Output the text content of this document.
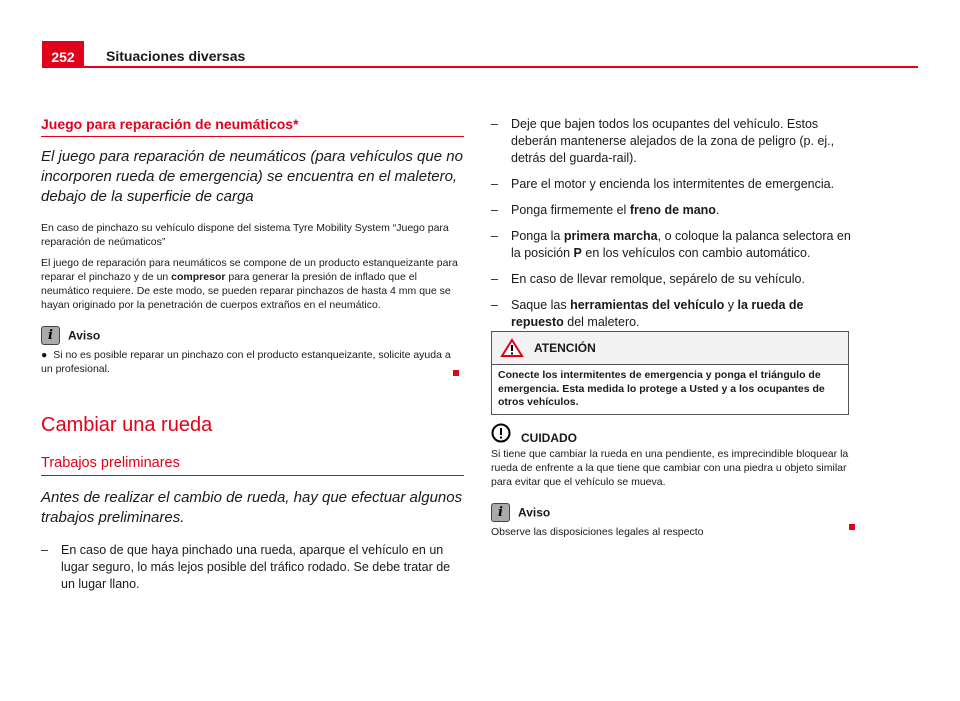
252	Situaciones diversas
Juego para reparación de neumáticos*
El juego para reparación de neumáticos (para vehículos que no incorporen rueda de emergencia) se encuentra en el maletero, debajo de la superficie de carga
En caso de pinchazo su vehículo dispone del sistema Tyre Mobility System “Juego para reparación de neúmaticos”
El juego de reparación para neumáticos se compone de un producto estanqueizante para reparar el pinchazo y de un compresor para generar la presión de inflado que el neumático requiere. De este modo, se pueden reparar pinchazos de hasta 4 mm que se hayan originado por la penetración de cuerpos extraños en el neumático.
i Aviso
● Si no es posible reparar un pinchazo con el producto estanqueizante, solicite ayuda a un profesional.
Cambiar una rueda
Trabajos preliminares
Antes de realizar el cambio de rueda, hay que efectuar algunos trabajos preliminares.
–	En caso de que haya pinchado una rueda, aparque el vehículo en un lugar seguro, lo más lejos posible del tráfico rodado. Se debe tratar de un lugar llano.
–	Deje que bajen todos los ocupantes del vehículo. Estos deberán mantenerse alejados de la zona de peligro (p. ej., detrás del guarda-rail).
–	Pare el motor y encienda los intermitentes de emergencia.
–	Ponga firmemente el freno de mano.
–	Ponga la primera marcha, o coloque la palanca selectora en la posición P en los vehículos con cambio automático.
–	En caso de llevar remolque, sepárelo de su vehículo.
–	Saque las herramientas del vehículo y la rueda de repuesto del maletero.
ATENCIÓN
Conecte los intermitentes de emergencia y ponga el triángulo de emergencia. Esta medida lo protege a Usted y a los ocupantes de otros vehículos.
CUIDADO
Si tiene que cambiar la rueda en una pendiente, es imprecindible bloquear la rueda de enfrente a la que tiene que cambiar con una piedra u objeto similar para evitar que el vehículo se mueva.
i Aviso
Observe las disposiciones legales al respecto
